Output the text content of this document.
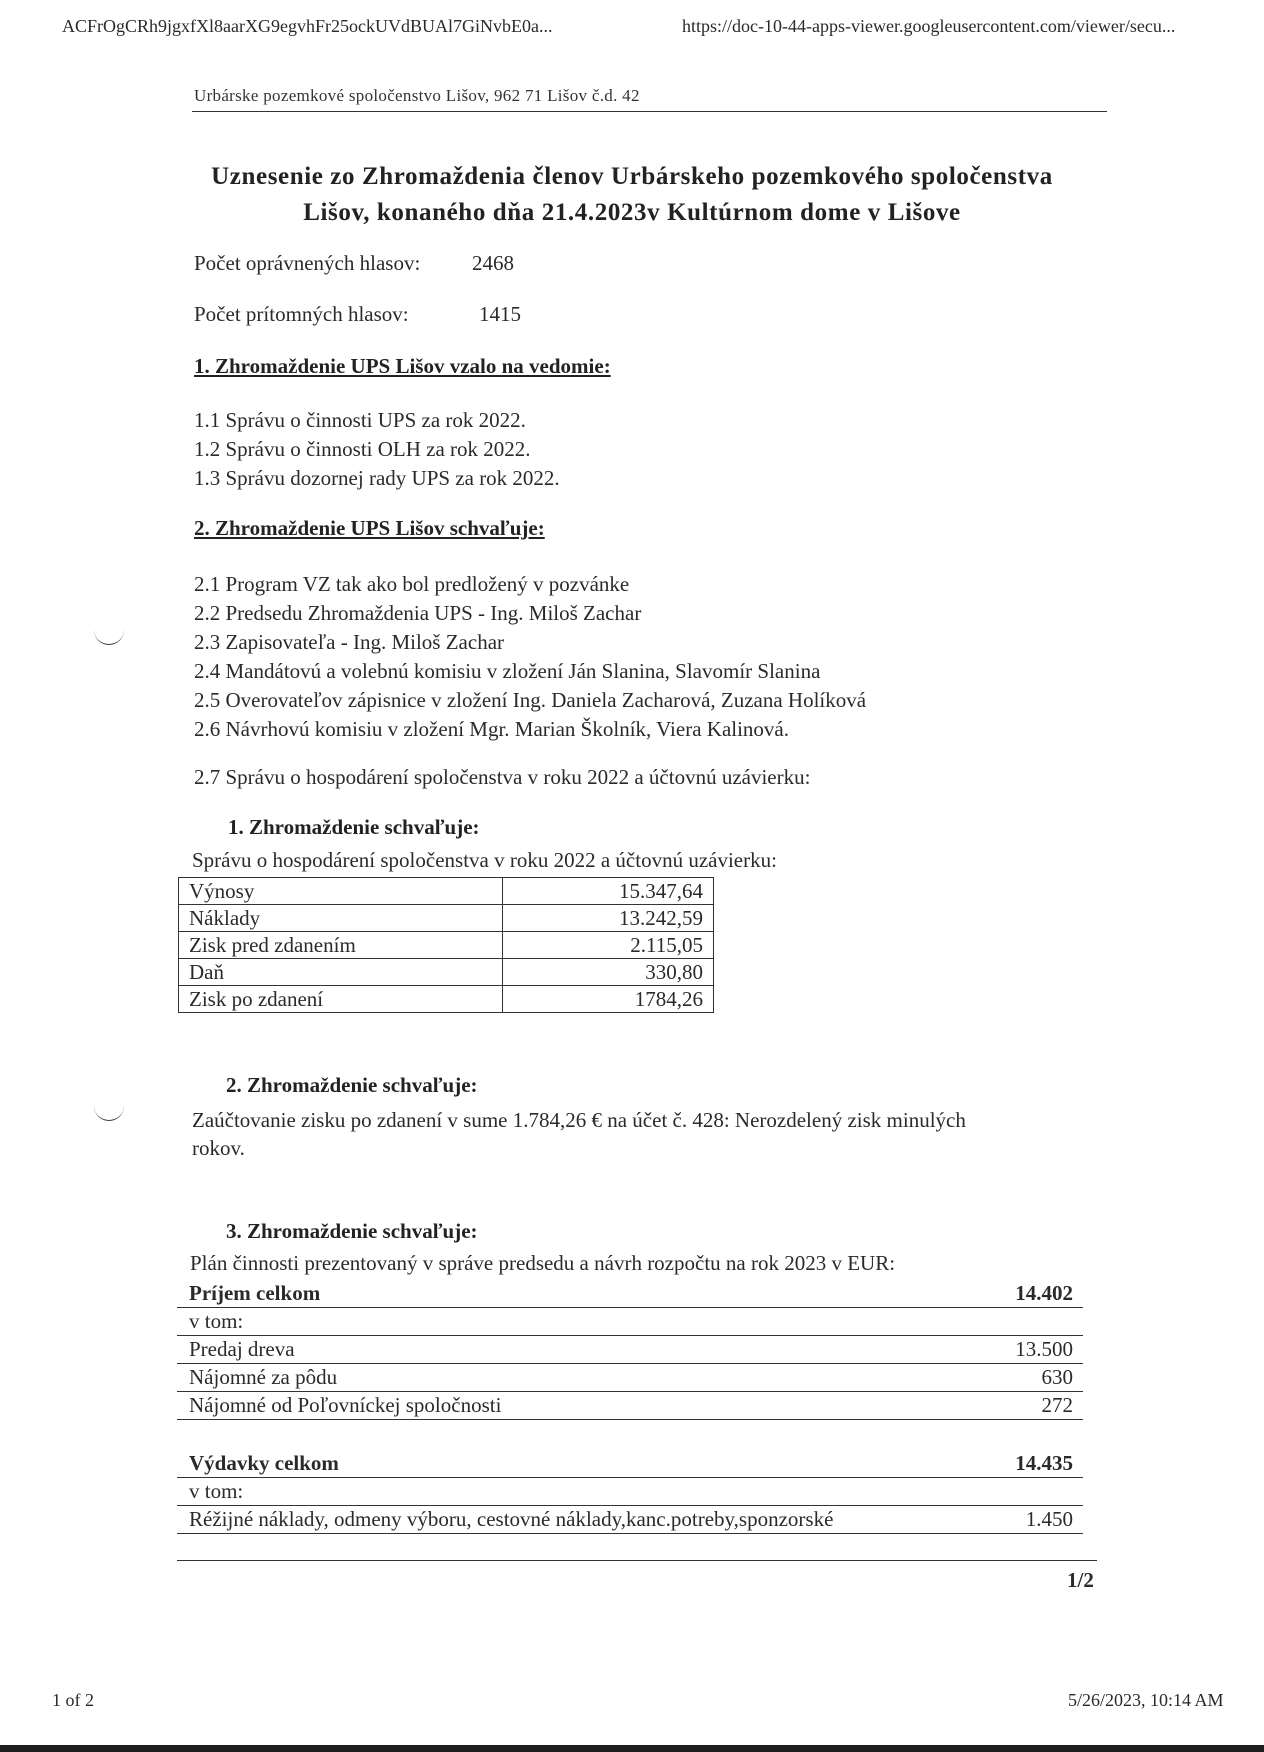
ACFrOgCRh9jgxfXl8aarXG9egvhFr25ockUVdBUAl7GiNvbE0a...	https://doc-10-44-apps-viewer.googleusercontent.com/viewer/secu...
Urbárske pozemkové spoločenstvo Lišov, 962 71 Lišov č.d. 42
Uznesenie zo Zhromaždenia členov Urbárskeho pozemkového spoločenstva
Lišov, konaného dňa 21.4.2023v Kultúrnom dome v Lišove
Počet oprávnených hlasov: 2468
Počet prítomných hlasov:	1415
1. Zhromaždenie UPS Lišov vzalo na vedomie:
1.1 Správu o činnosti UPS za rok 2022.
1.2 Správu o činnosti OLH za rok 2022.
1.3 Správu dozornej rady UPS za rok 2022.
2. Zhromaždenie UPS Lišov schvaľuje:
2.1 Program VZ tak ako bol predložený v pozvánke
2.2 Predsedu Zhromaždenia UPS - Ing. Miloš Zachar
2.3 Zapisovateľa - Ing. Miloš Zachar
2.4 Mandátovú a volebnú komisiu v zložení Ján Slanina, Slavomír Slanina
2.5 Overovateľov zápisnice v zložení Ing. Daniela Zacharová, Zuzana Holíková
2.6 Návrhovú komisiu v zložení Mgr. Marian Školník, Viera Kalinová.
2.7 Správu o hospodárení spoločenstva v roku 2022 a účtovnú uzávierku:
1. Zhromaždenie schvaľuje:
Správu o hospodárení spoločenstva v roku 2022 a účtovnú uzávierku:
Výnosy	15.347,64
Náklady	13.242,59
Zisk pred zdanením	2.115,05
Daň	330,80
Zisk po zdanení	1784,26
2. Zhromaždenie schvaľuje:
Zaúčtovanie zisku po zdanení v sume 1.784,26 € na účet č. 428: Nerozdelený zisk minulých
rokov.
3. Zhromaždenie schvaľuje:
Plán činnosti prezentovaný v správe predsedu a návrh rozpočtu na rok 2023 v EUR:
Príjem celkom	14.402
v tom:
Predaj dreva	13.500
Nájomné za pôdu	630
Nájomné od Poľovníckej spoločnosti	272
Výdavky celkom	14.435
v tom:
Réžijné náklady, odmeny výboru, cestovné náklady,kanc.potreby,sponzorské	1.450
1/2
1 of 2	5/26/2023, 10:14 AM
